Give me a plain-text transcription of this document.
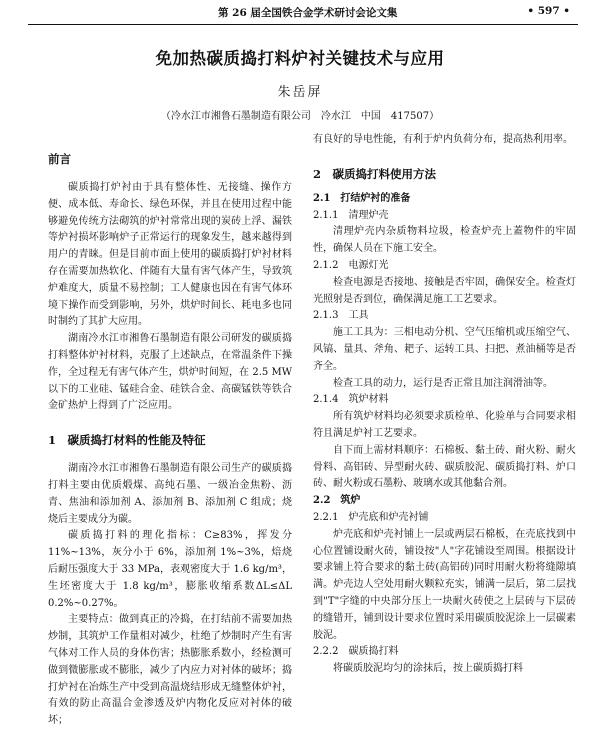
第 26 届全国铁合金学术研讨会论文集	• 597 •
免加热碳质捣打料炉衬关键技术与应用
朱岳屏
（冷水江市湘鲁石墨制造有限公司　冷水江　中国　417507）
前言

碳质捣打炉衬由于具有整体性、无接缝、操作方便、成本低、寿命长、绿色环保，并且在使用过程中能够避免传统方法砌筑的炉衬常常出现的炭砖上浮、漏铁等炉衬损坏影响炉子正常运行的现象发生，越来越得到用户的青睐。但是目前市面上使用的碳质捣打炉衬材料存在需要加热软化、伴随有大量有害气体产生，导致筑炉难度大，质量不易控制；工人健康也因在有害气体环境下操作而受到影响，另外，烘炉时间长、耗电多也同时制约了其扩大应用。

湖南冷水江市湘鲁石墨制造有限公司研发的碳质捣打料整体炉衬材料，克服了上述缺点，在常温条件下操作，全过程无有害气体产生，烘炉时间短，在 2.5 MW 以下的工业硅、锰硅合金、硅铁合金、高碳锰铁等铁合金矿热炉上得到了广泛应用。

1　碳质捣打材料的性能及特征

湖南冷水江市湘鲁石墨制造有限公司生产的碳质捣打料主要由优质煅煤、高纯石墨、一级冶金焦粉、沥青、焦油和添加剂 A、添加剂 B、添加剂 C 组成；烧烧后主要成分为碳。

碳质捣打料的理化指标：C≥83%，挥发分 11%~13%，灰分小于 6%，添加剂 1%~3%，焙烧后耐压强度大于 33 MPa，表观密度大于 1.6 kg/m³，生坯密度大于 1.8 kg/m³，膨胀收缩系数ΔL≤ΔL 0.2%~0.27%。

主要特点：做到真正的冷捣，在打结前不需要加热炒制，其筑炉工作量相对减少，杜绝了炒制时产生有害气体对工作人员的身体伤害；热膨胀系数小，经检测可做到微膨胀或不膨胀，减少了内应力对衬体的破坏；捣打炉衬在冶炼生产中受到高温烧结形成无缝整体炉衬，有效的防止高温合金渗透及炉内物化反应对衬体的破坏；

有良好的导电性能，有利于炉内负荷分布，提高热利用率。

2　碳质捣打料使用方法
2.1　打结炉衬的准备
2.1.1　清理炉壳

清理炉壳内杂质物料垃圾，检查炉壳上蓋物件的牢固性，确保人员在下施工安全。

2.1.2　电源灯光

检查电源是否接地、接触是否牢固，确保安全。检查灯光照射是否到位，确保满足施工工艺要求。

2.1.3　工具

施工工具为：三相电动分机、空气压缩机或压缩空气、风镐、量具、斧角、耙子、运转工具、扫把、煮油桶等是否齐全。

检查工具的动力，运行是否正常且加注润滑油等。

2.1.4　筑炉材料

所有筑炉材料均必须要求质检单、化验单与合同要求相符且满足炉衬工艺要求。

自下而上需材料顺序：石棉板、黏土砖、耐火粉、耐火骨料、高铝砖、异型耐火砖、碳质胶泥、碳质捣打料、炉口砖、耐火粉或石墨粉、玻璃水或其他黏合剂。

2.2　筑炉
2.2.1　炉壳底和炉壳衬铺

炉壳底和炉壳衬铺上一层或两层石棉板，在壳底找到中心位置铺设耐火砖，铺设按"人"字花铺设至周围。根据设计要求铺上符合要求的黏土砖(高铝砖)同时用耐火粉将缝隙填满。炉壳边人空处用耐火颗粒充实，铺满一层后，第二层找到"T"字缝的中央部分压上一块耐火砖使之上层砖与下层砖的缝错开，铺到设计要求位置时采用碳质胶泥涂上一层碳素胶泥。

2.2.2　碳质捣打料

将碳质胶泥均匀的涂抹后，按上碳质捣打料
